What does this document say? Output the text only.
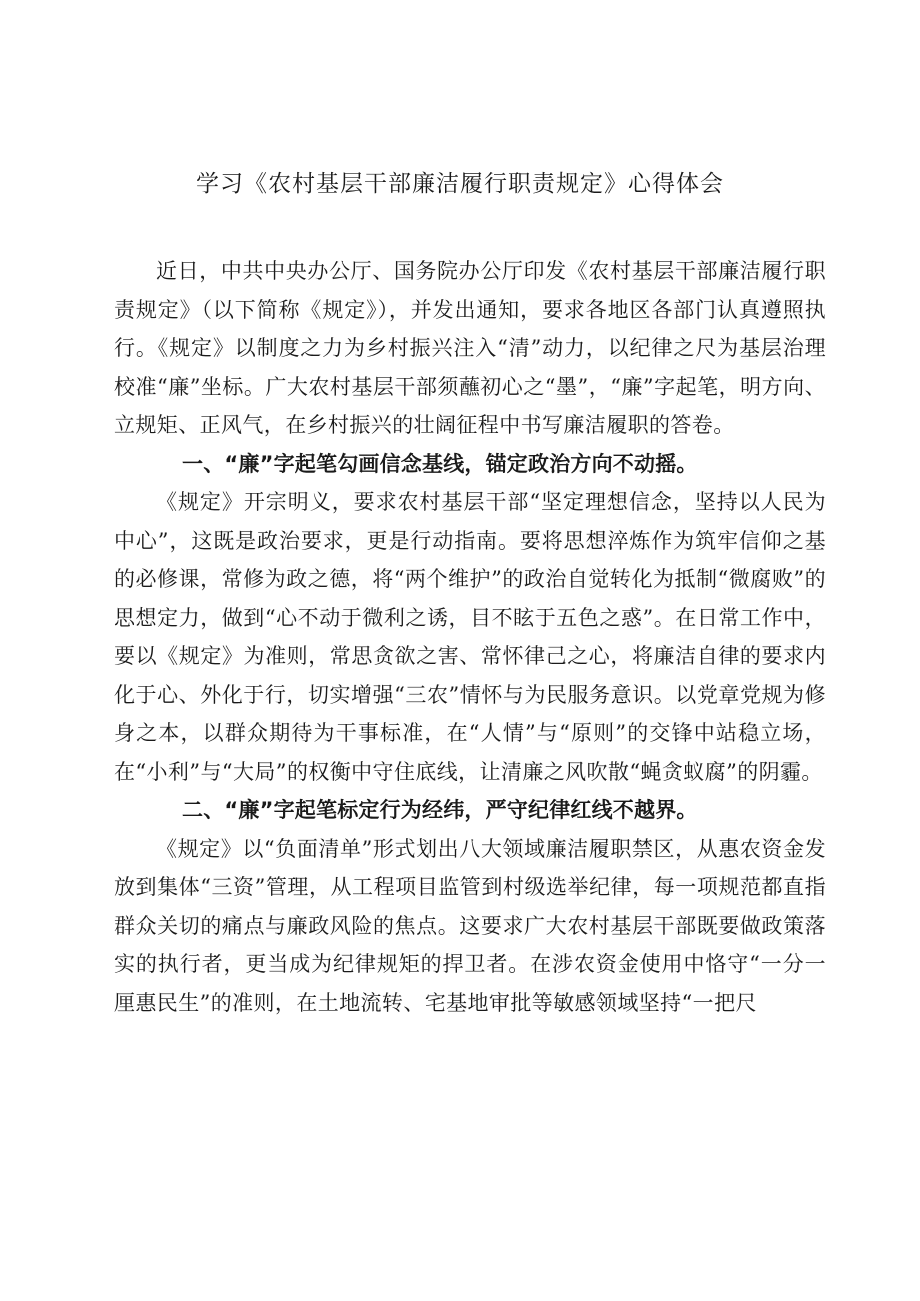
学习《农村基层干部廉洁履行职责规定》心得体会

近日，中共中央办公厅、国务院办公厅印发《农村基层干部廉洁履行职责规定》（以下简称《规定》），并发出通知，要求各地区各部门认真遵照执行。《规定》以制度之力为乡村振兴注入“清”动力，以纪律之尺为基层治理校准“廉”坐标。广大农村基层干部须蘸初心之“墨”，“廉”字起笔，明方向、立规矩、正风气，在乡村振兴的壮阔征程中书写廉洁履职的答卷。

一、“廉”字起笔勾画信念基线，锚定政治方向不动摇。

《规定》开宗明义，要求农村基层干部“坚定理想信念，坚持以人民为中心”，这既是政治要求，更是行动指南。要将思想淬炼作为筑牢信仰之基的必修课，常修为政之德，将“两个维护”的政治自觉转化为抵制“微腐败”的思想定力，做到“心不动于微利之诱，目不眩于五色之惑”。在日常工作中，要以《规定》为准则，常思贪欲之害、常怀律己之心，将廉洁自律的要求内化于心、外化于行，切实增强“三农”情怀与为民服务意识。以党章党规为修身之本，以群众期待为干事标准，在“人情”与“原则”的交锋中站稳立场，在“小利”与“大局”的权衡中守住底线，让清廉之风吹散“蝇贪蚁腐”的阴霾。

二、“廉”字起笔标定行为经纬，严守纪律红线不越界。

《规定》以“负面清单”形式划出八大领域廉洁履职禁区，从惠农资金发放到集体“三资”管理，从工程项目监管到村级选举纪律，每一项规范都直指群众关切的痛点与廉政风险的焦点。这要求广大农村基层干部既要做政策落实的执行者，更当成为纪律规矩的捍卫者。在涉农资金使用中恪守“一分一厘惠民生”的准则，在土地流转、宅基地审批等敏感领域坚持“一把尺
